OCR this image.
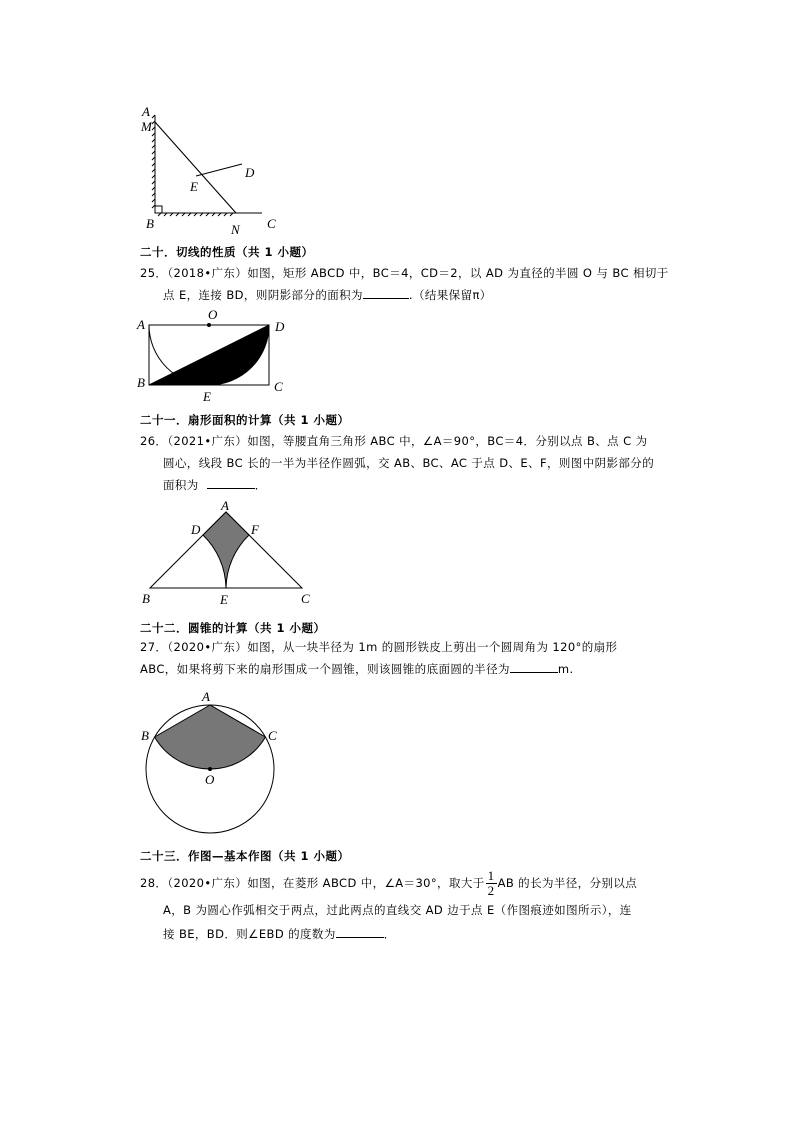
A
M
D
E
B	N C
二十．切线的性质（共 1 小题）
25．（2018•广东）如图，矩形 ABCD 中，BC＝4，CD＝2，以 AD 为直径的半圆 O 与 BC 相切于
点 E，连接 BD，则阴影部分的面积为	.（结果保留π）
A
O
D
B
E
C
二十一．扇形面积的计算（共 1 小题）
26．（2021•广东）如图，等腰直角三角形 ABC 中，∠A＝90°，BC＝4．分别以点 B、点 C 为
圆心，线段 BC 长的一半为半径作圆弧，交 AB、BC、AC 于点 D、E、F，则图中阴影部分的
面积为	．
A
D	F
B	E	C
二十二．圆锥的计算（共 1 小题）
27．（2020•广东）如图，从一块半径为 1m 的圆形铁皮上剪出一个圆周角为 120°的扇形
ABC，如果将剪下来的扇形围成一个圆锥，则该圆锥的底面圆的半径为	m.
A
B	C
O
二十三．作图—基本作图（共 1 小题）
28．（2020•广东）如图，在菱形 ABCD 中，∠A＝30°，取大于 $\frac{1}{2}$ AB 的长为半径，分别以点
A，B 为圆心作弧相交于两点，过此两点的直线交 AD 边于点 E（作图痕迹如图所示），连
接 BE，BD．则∠EBD 的度数为	．
